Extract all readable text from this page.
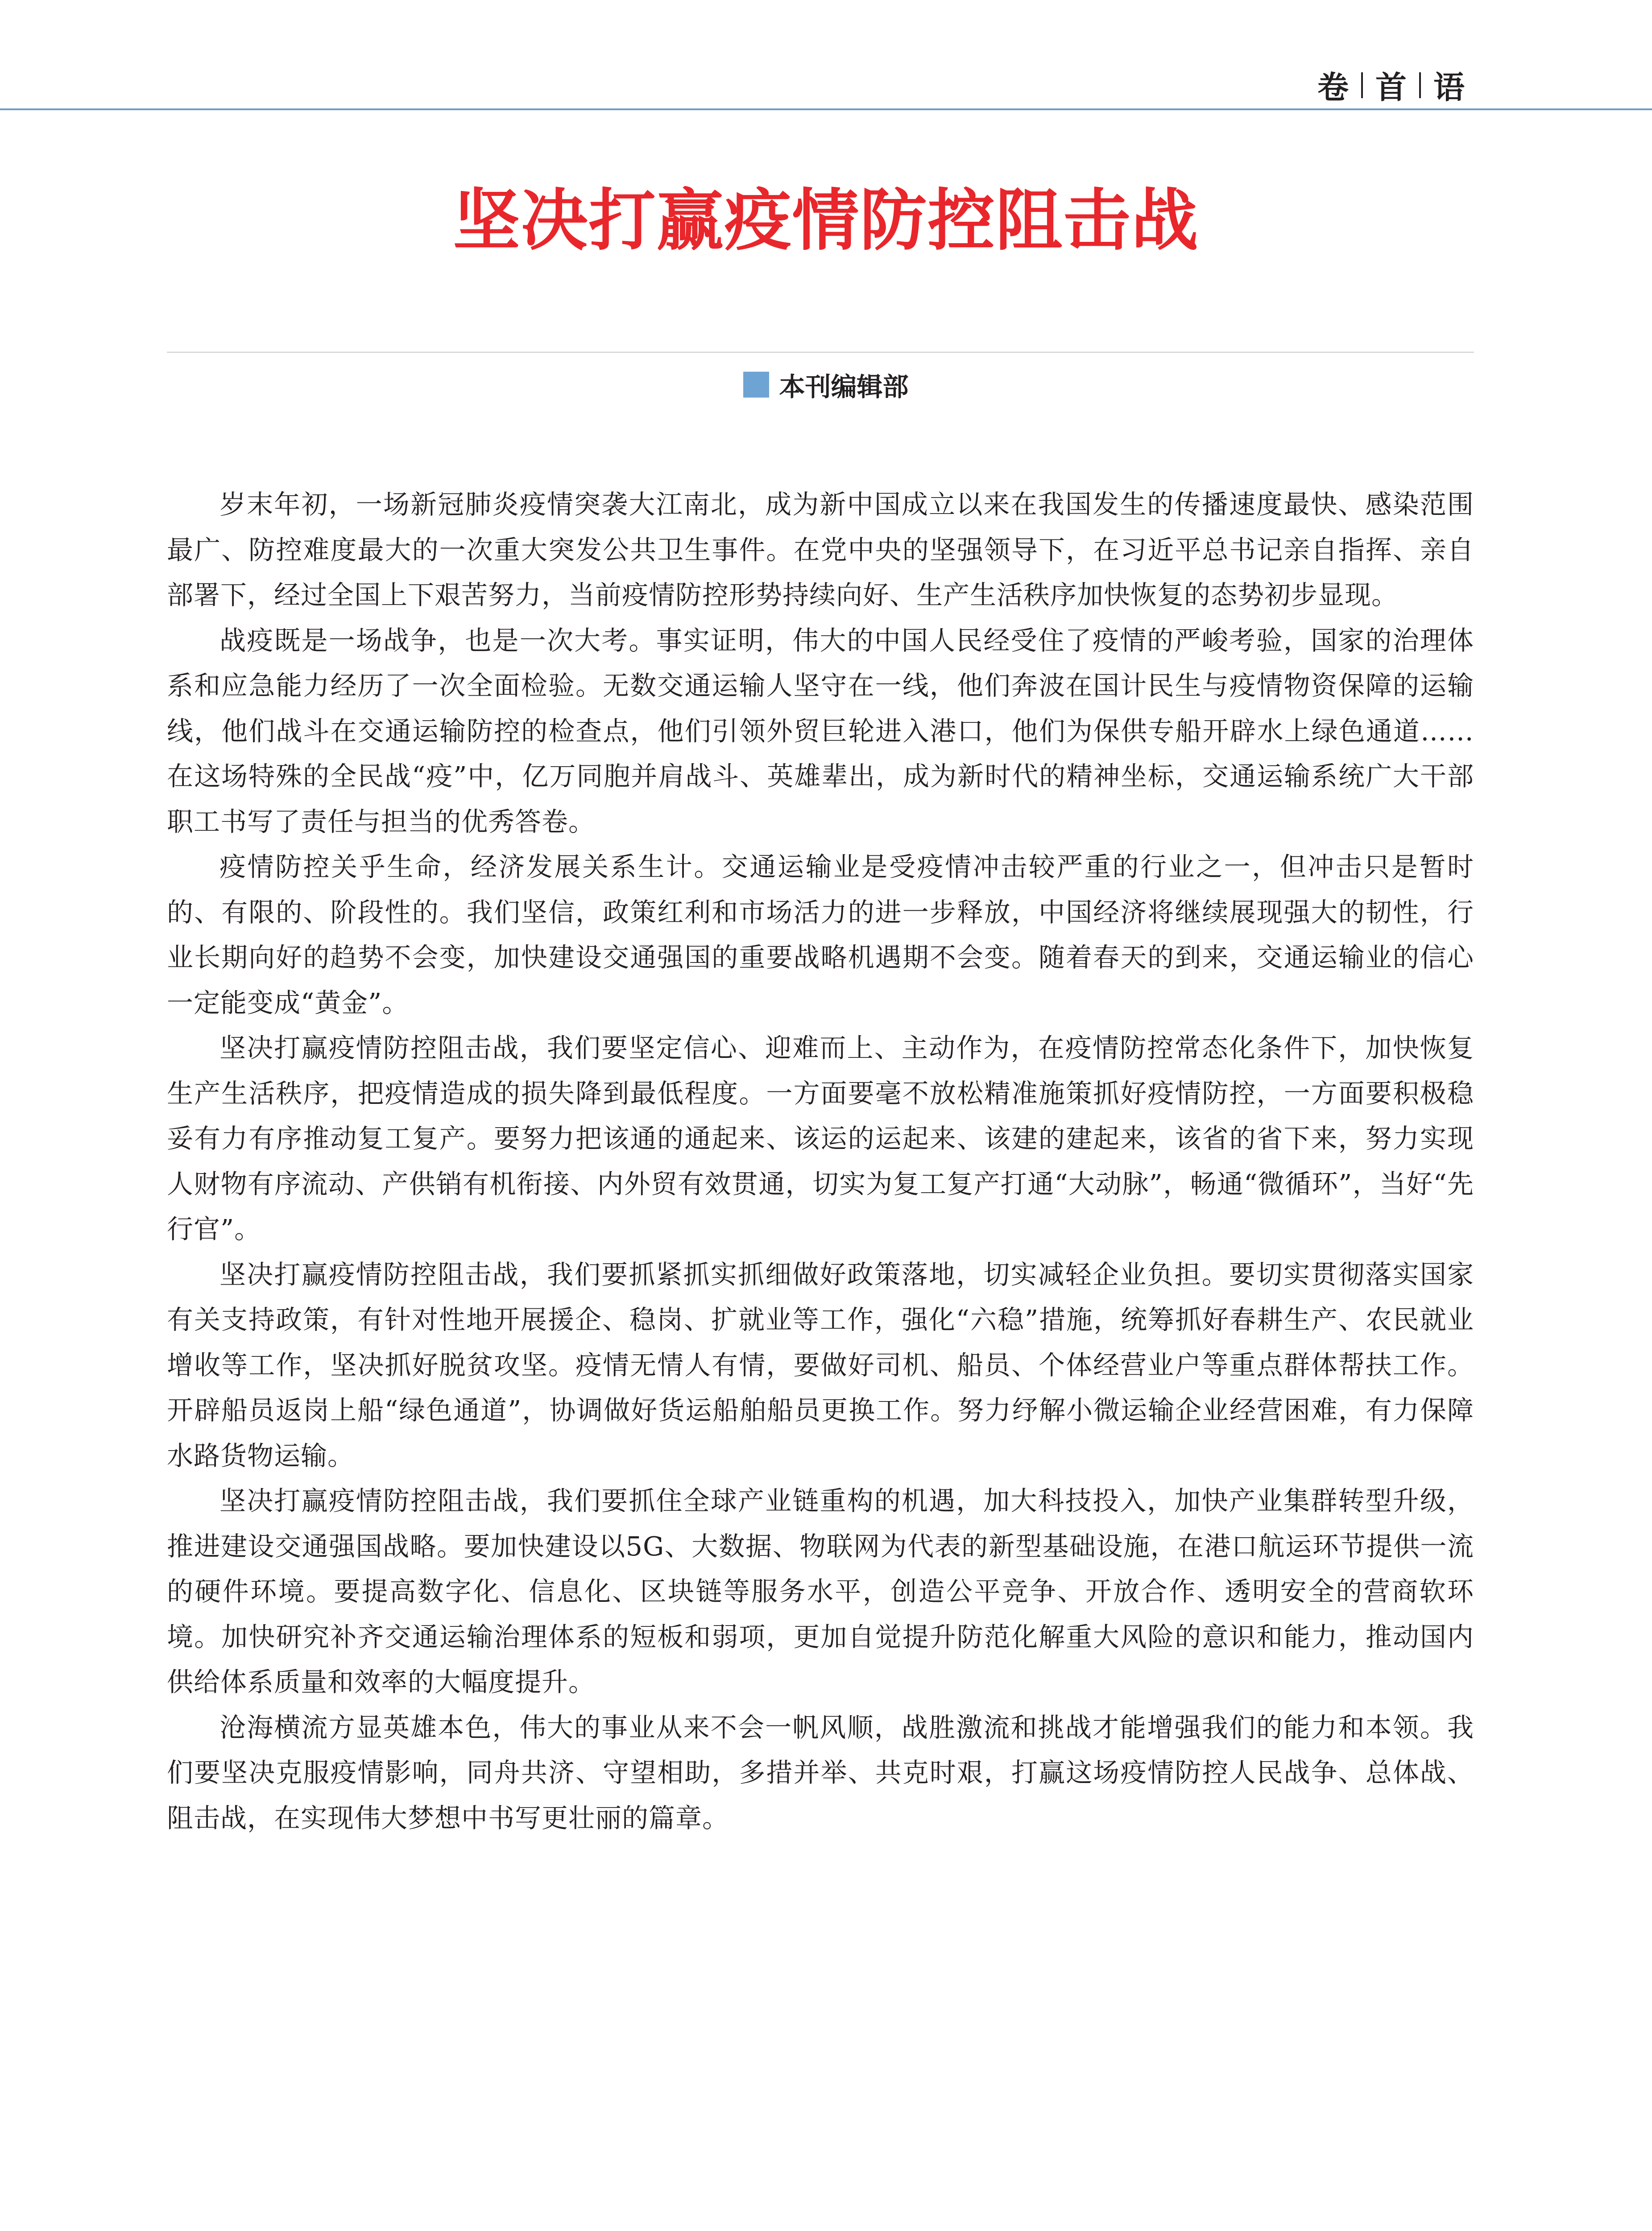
卷 首 语
坚决打赢疫情防控阻击战
本刊编辑部

岁末年初，一场新冠肺炎疫情突袭大江南北，成为新中国成立以来在我国发生的传播速度最快、感染范围最广、防控难度最大的一次重大突发公共卫生事件。在党中央的坚强领导下，在习近平总书记亲自指挥、亲自部署下，经过全国上下艰苦努力，当前疫情防控形势持续向好、生产生活秩序加快恢复的态势初步显现。

战疫既是一场战争，也是一次大考。事实证明，伟大的中国人民经受住了疫情的严峻考验，国家的治理体系和应急能力经历了一次全面检验。无数交通运输人坚守在一线，他们奔波在国计民生与疫情物资保障的运输线，他们战斗在交通运输防控的检查点，他们引领外贸巨轮进入港口，他们为保供专船开辟水上绿色通道……在这场特殊的全民战“疫”中，亿万同胞并肩战斗、英雄辈出，成为新时代的精神坐标，交通运输系统广大干部职工书写了责任与担当的优秀答卷。

疫情防控关乎生命，经济发展关系生计。交通运输业是受疫情冲击较严重的行业之一，但冲击只是暂时的、有限的、阶段性的。我们坚信，政策红利和市场活力的进一步释放，中国经济将继续展现强大的韧性，行业长期向好的趋势不会变，加快建设交通强国的重要战略机遇期不会变。随着春天的到来，交通运输业的信心一定能变成“黄金”。

坚决打赢疫情防控阻击战，我们要坚定信心、迎难而上、主动作为，在疫情防控常态化条件下，加快恢复生产生活秩序，把疫情造成的损失降到最低程度。一方面要毫不放松精准施策抓好疫情防控，一方面要积极稳妥有力有序推动复工复产。要努力把该通的通起来、该运的运起来、该建的建起来，该省的省下来，努力实现人财物有序流动、产供销有机衔接、内外贸有效贯通，切实为复工复产打通“大动脉”，畅通“微循环”，当好“先行官”。

坚决打赢疫情防控阻击战，我们要抓紧抓实抓细做好政策落地，切实减轻企业负担。要切实贯彻落实国家有关支持政策，有针对性地开展援企、稳岗、扩就业等工作，强化“六稳”措施，统筹抓好春耕生产、农民就业增收等工作，坚决抓好脱贫攻坚。疫情无情人有情，要做好司机、船员、个体经营业户等重点群体帮扶工作。开辟船员返岗上船“绿色通道”，协调做好货运船舶船员更换工作。努力纾解小微运输企业经营困难，有力保障水路货物运输。

坚决打赢疫情防控阻击战，我们要抓住全球产业链重构的机遇，加大科技投入，加快产业集群转型升级，推进建设交通强国战略。要加快建设以5G、大数据、物联网为代表的新型基础设施，在港口航运环节提供一流的硬件环境。要提高数字化、信息化、区块链等服务水平，创造公平竞争、开放合作、透明安全的营商软环境。加快研究补齐交通运输治理体系的短板和弱项，更加自觉提升防范化解重大风险的意识和能力，推动国内供给体系质量和效率的大幅度提升。

沧海横流方显英雄本色，伟大的事业从来不会一帆风顺，战胜激流和挑战才能增强我们的能力和本领。我们要坚决克服疫情影响，同舟共济、守望相助，多措并举、共克时艰，打赢这场疫情防控人民战争、总体战、阻击战，在实现伟大梦想中书写更壮丽的篇章。
